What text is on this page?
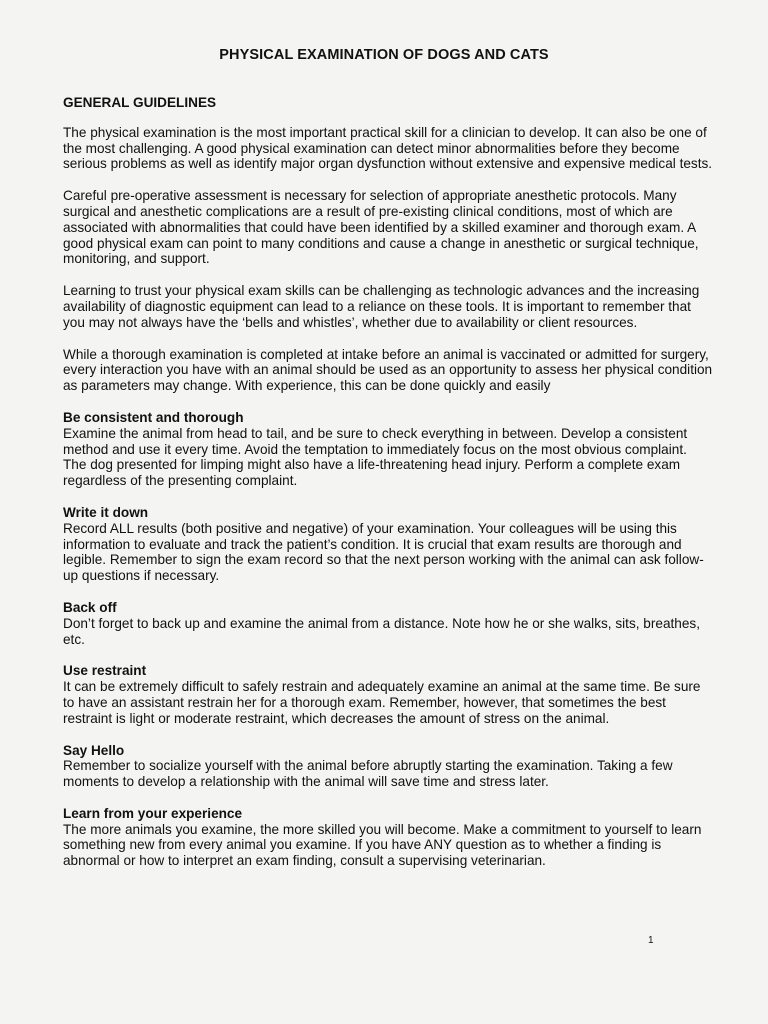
PHYSICAL EXAMINATION OF DOGS AND CATS

GENERAL GUIDELINES

The physical examination is the most important practical skill for a clinician to develop. It can also be one of the most challenging. A good physical examination can detect minor abnormalities before they become serious problems as well as identify major organ dysfunction without extensive and expensive medical tests.

Careful pre-operative assessment is necessary for selection of appropriate anesthetic protocols. Many surgical and anesthetic complications are a result of pre-existing clinical conditions, most of which are associated with abnormalities that could have been identified by a skilled examiner and thorough exam. A good physical exam can point to many conditions and cause a change in anesthetic or surgical technique, monitoring, and support.

Learning to trust your physical exam skills can be challenging as technologic advances and the increasing availability of diagnostic equipment can lead to a reliance on these tools. It is important to remember that you may not always have the ‘bells and whistles’, whether due to availability or client resources.

While a thorough examination is completed at intake before an animal is vaccinated or admitted for surgery, every interaction you have with an animal should be used as an opportunity to assess her physical condition as parameters may change. With experience, this can be done quickly and easily

Be consistent and thorough

Examine the animal from head to tail, and be sure to check everything in between. Develop a consistent method and use it every time. Avoid the temptation to immediately focus on the most obvious complaint. The dog presented for limping might also have a life-threatening head injury. Perform a complete exam regardless of the presenting complaint.

Write it down

Record ALL results (both positive and negative) of your examination. Your colleagues will be using this information to evaluate and track the patient’s condition. It is crucial that exam results are thorough and legible. Remember to sign the exam record so that the next person working with the animal can ask follow-up questions if necessary.

Back off

Don’t forget to back up and examine the animal from a distance. Note how he or she walks, sits, breathes, etc.

Use restraint

It can be extremely difficult to safely restrain and adequately examine an animal at the same time. Be sure to have an assistant restrain her for a thorough exam. Remember, however, that sometimes the best restraint is light or moderate restraint, which decreases the amount of stress on the animal.

Say Hello

Remember to socialize yourself with the animal before abruptly starting the examination. Taking a few moments to develop a relationship with the animal will save time and stress later.

Learn from your experience

The more animals you examine, the more skilled you will become. Make a commitment to yourself to learn something new from every animal you examine. If you have ANY question as to whether a finding is abnormal or how to interpret an exam finding, consult a supervising veterinarian.

1
